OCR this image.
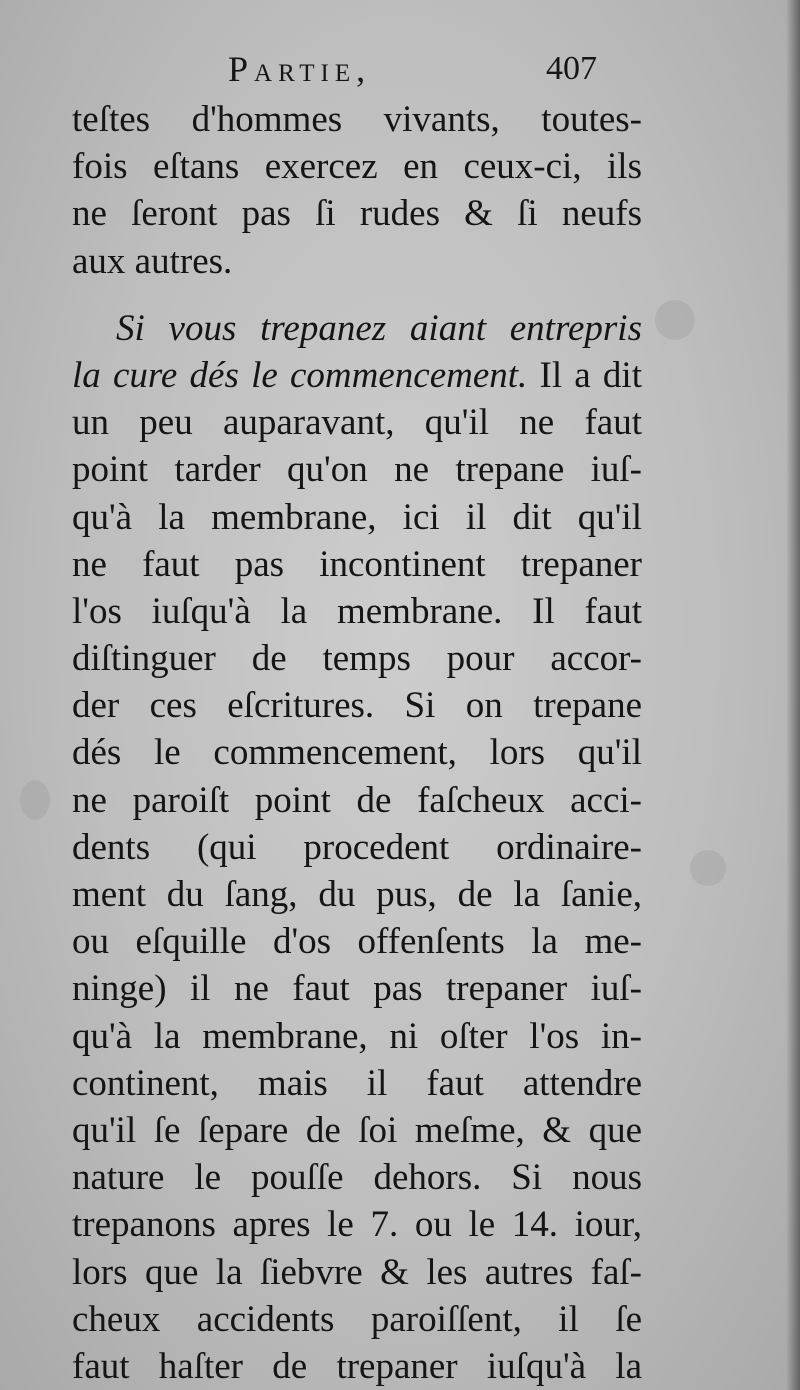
Partie,	407
teſtes d'hommes vivants, toutes-
fois eſtans exercez en ceux-ci, ils
ne ſeront pas ſi rudes & ſi neufs
aux autres.
Si vous trepanez aiant entrepris
la cure dés le commencement. Il a dit
un peu auparavant, qu'il ne faut
point tarder qu'on ne trepane iuſ-
qu'à la membrane, ici il dit qu'il
ne faut pas incontinent trepaner
l'os iuſqu'à la membrane. Il faut
diſtinguer de temps pour accor-
der ces eſcritures. Si on trepane
dés le commencement, lors qu'il
ne paroiſt point de faſcheux acci-
dents (qui procedent ordinaire-
ment du ſang, du pus, de la ſanie,
ou eſquille d'os offenſents la me-
ninge) il ne faut pas trepaner iuſ-
qu'à la membrane, ni oſter l'os in-
continent, mais il faut attendre
qu'il ſe ſepare de ſoi meſme, & que
nature le pouſſe dehors. Si nous
trepanons apres le 7. ou le 14. iour,
lors que la ſiebvre & les autres faſ-
cheux accidents paroiſſent, il ſe
faut haſter de trepaner iuſqu'à la
